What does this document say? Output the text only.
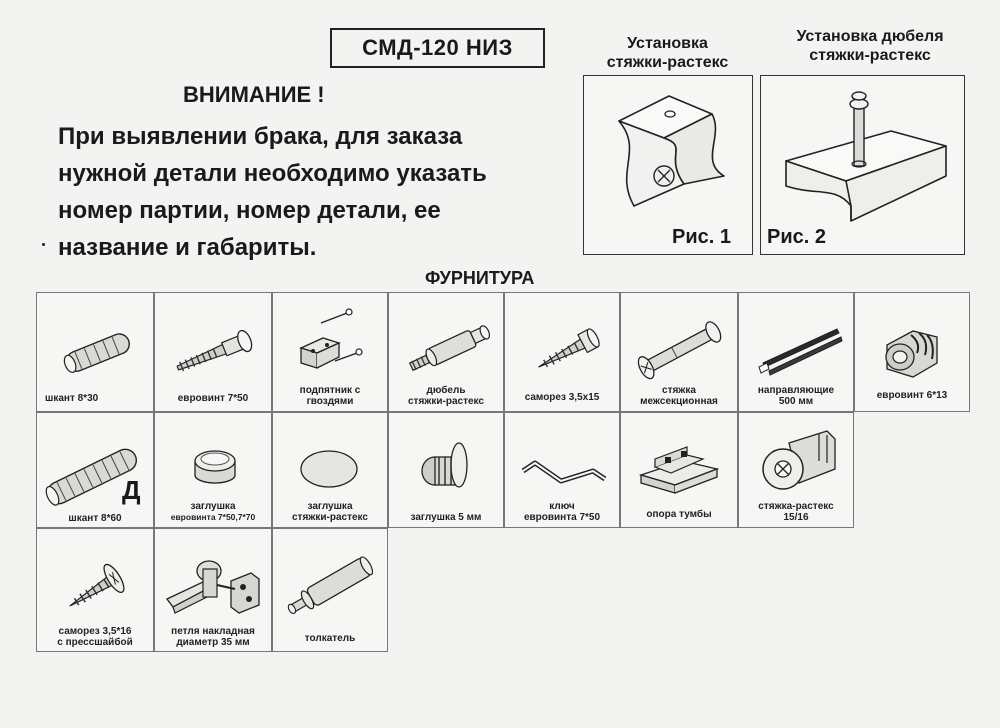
СМД-120 НИЗ
ВНИМАНИЕ !
При выявлении брака, для заказа
нужной детали необходимо указать
номер партии, номер детали, ее
название и габариты.
Установка
стяжки-растекс
Рис. 1
Установка дюбеля
стяжки-растекс
Рис. 2
ФУРНИТУРА
шкант 8*30	евровинт 7*50
подпятник с
гвоздями
дюбель
стяжки-растекс	саморез 3,5х15
стяжка
межсекционная
направляющие
500 мм
евровинт 6*13
Д
шкант 8*60
заглушка
евровинта 7*50,7*70
заглушка
стяжки-растекс	заглушка 5 мм
ключ
евровинта 7*50	опора тумбы
стяжка-растекс
15/16
саморез 3,5*16
с прессшайбой
петля накладная
диаметр 35 мм	толкатель
